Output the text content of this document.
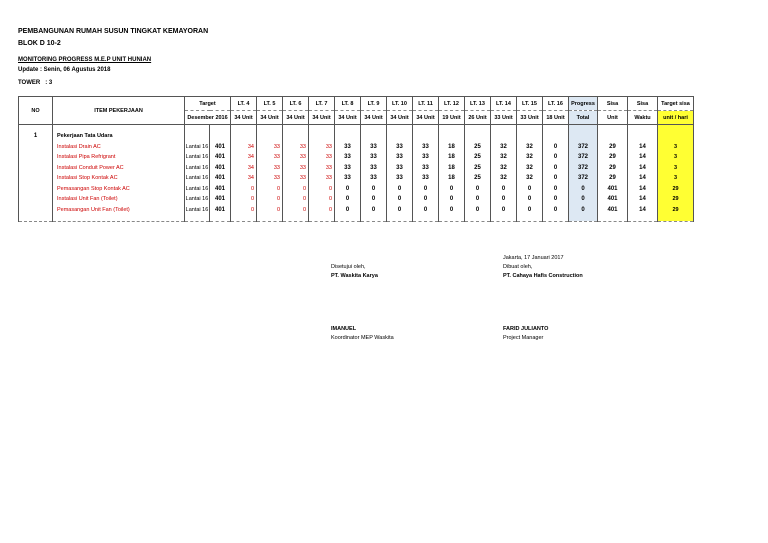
PEMBANGUNAN RUMAH SUSUN TINGKAT KEMAYORAN
BLOK D 10-2
MONITORING PROGRESS M.E.P UNIT HUNIAN
Update : Senin, 06 Agustus 2018
TOWER : 3
NO	ITEM PEKERJAAN	Target		LT. 4	LT. 5	LT. 6	LT. 7	LT. 8	LT. 9	LT. 10	LT. 11	LT. 12	LT. 13	LT. 14	LT. 15	LT. 16	Progress	Sisa	Sisa	Target sisa
		Desember 2016		34 Unit	34 Unit	34 Unit	34 Unit	34 Unit	34 Unit	34 Unit	34 Unit	19 Unit	26 Unit	33 Unit	33 Unit	18 Unit	Total	Unit	Waktu	unit / hari

1	Pekerjaan Tata Udara																			
	Instalasi Drain AC	Lantai 16	401	34	33	33	33	33	33	33	33	18	25	32	32	0	372	29	14	3
	Instalasi Pipa Refrigrant	Lantai 16	401	34	33	33	33	33	33	33	33	18	25	32	32	0	372	29	14	3
	Instalasi Conduit Power AC	Lantai 16	401	34	33	33	33	33	33	33	33	18	25	32	32	0	372	29	14	3
	Instalasi Stop Kontak AC	Lantai 16	401	34	33	33	33	33	33	33	33	18	25	32	32	0	372	29	14	3
	Pemasangan Stop Kontak AC	Lantai 16	401	0	0	0	0	0	0	0	0	0	0	0	0	0	0	401	14	29
	Instalasi Unit Fan (Toilet)	Lantai 16	401	0	0	0	0	0	0	0	0	0	0	0	0	0	0	401	14	29
	Pemasangan Unit Fan (Toilet)	Lantai 16	401	0	0	0	0	0	0	0	0	0	0	0	0	0	0	401	14	29

Jakarta, 17 Januari 2017
Dibuat oleh,
PT. Cahaya Hafis Construction
Disetujui oleh,
PT. Waskita Karya
IMANUEL
Koordinator MEP Waskita
FARID JULIANTO
Project Manager
